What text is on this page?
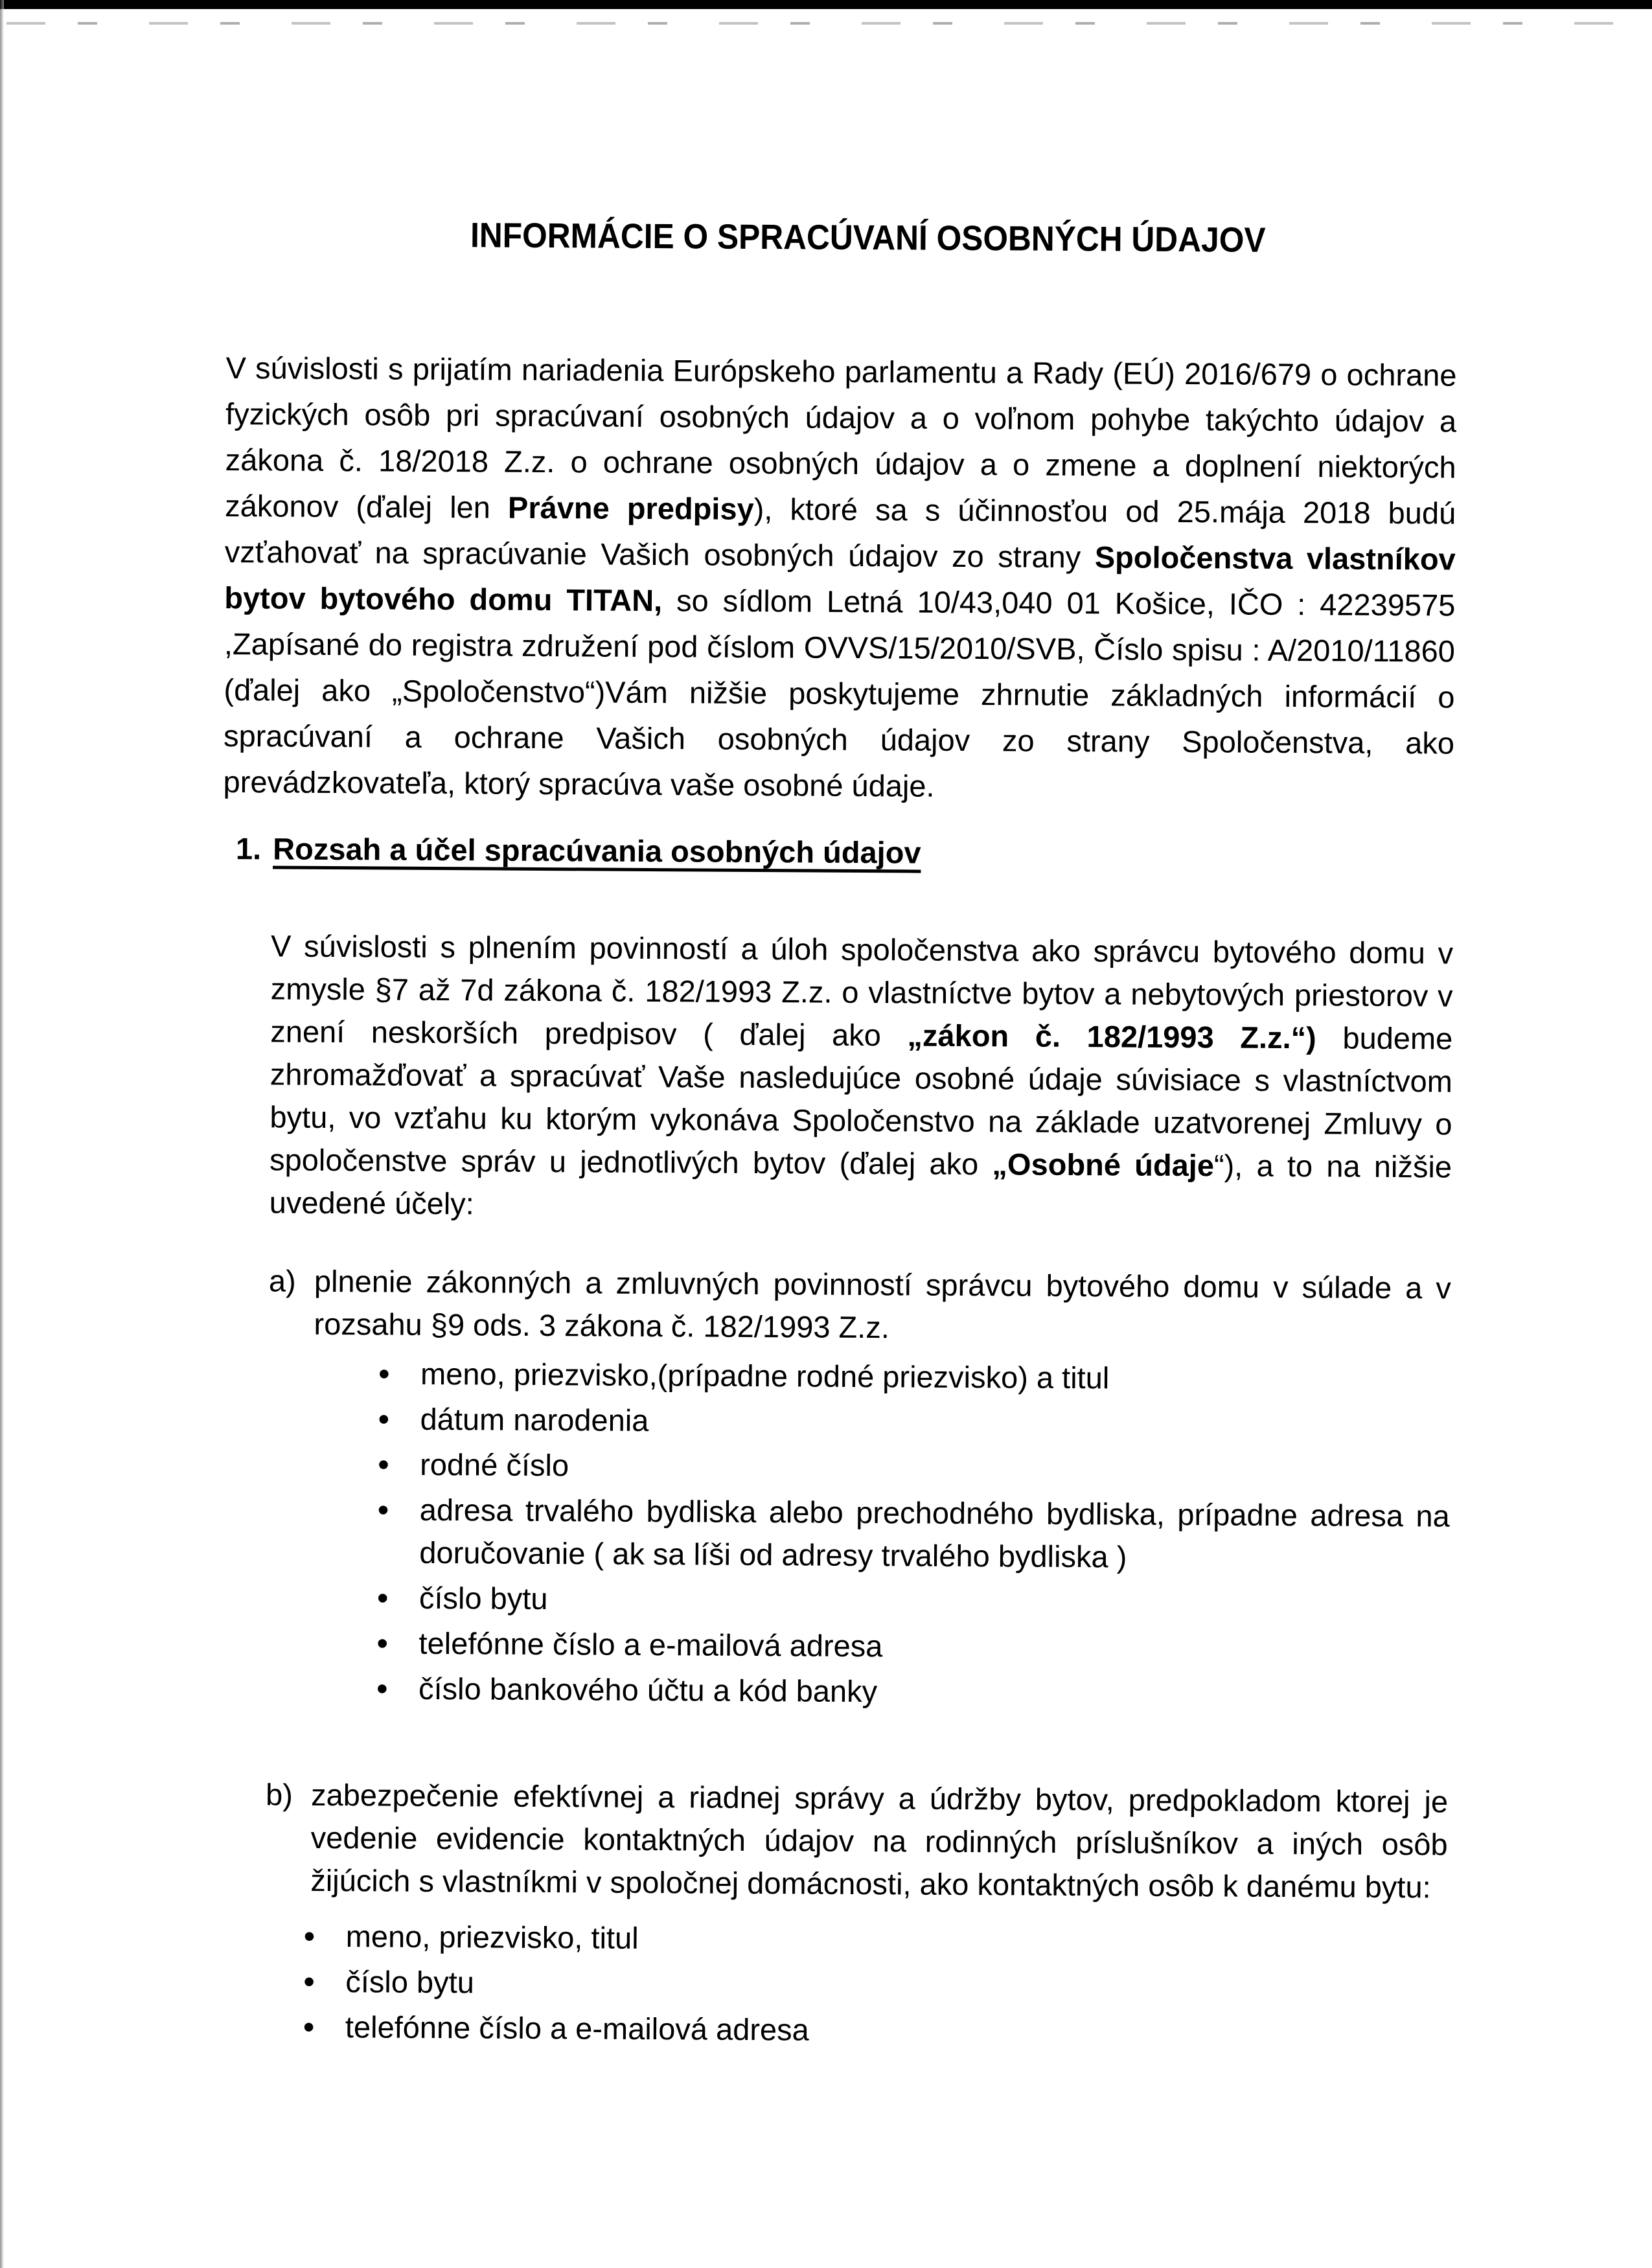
INFORMÁCIE O SPRACÚVANÍ OSOBNÝCH ÚDAJOV

V súvislosti s prijatím nariadenia Európskeho parlamentu a Rady (EÚ) 2016/679 o ochrane fyzických osôb pri spracúvaní osobných údajov a o voľnom pohybe takýchto údajov a zákona č. 18/2018 Z.z. o ochrane osobných údajov a o zmene a doplnení niektorých zákonov (ďalej len Právne predpisy), ktoré sa s účinnosťou od 25.mája 2018 budú vzťahovať na spracúvanie Vašich osobných údajov zo strany Spoločenstva vlastníkov bytov bytového domu TITAN, so sídlom Letná 10/43,040 01 Košice, IČO : 42239575 ,Zapísané do registra združení pod číslom OVVS/15/2010/SVB, Číslo spisu : A/2010/11860 (ďalej ako „Spoločenstvo“)Vám nižšie poskytujeme zhrnutie základných informácií o spracúvaní a ochrane Vašich osobných údajov zo strany Spoločenstva, ako prevádzkovateľa, ktorý spracúva vaše osobné údaje.

1. Rozsah a účel spracúvania osobných údajov

V súvislosti s plnením povinností a úloh spoločenstva ako správcu bytového domu v zmysle §7 až 7d zákona č. 182/1993 Z.z. o vlastníctve bytov a nebytových priestorov v znení neskorších predpisov ( ďalej ako „zákon č. 182/1993 Z.z.“) budeme zhromažďovať a spracúvať Vaše nasledujúce osobné údaje súvisiace s vlastníctvom bytu, vo vzťahu ku ktorým vykonáva Spoločenstvo na základe uzatvorenej Zmluvy o spoločenstve správ u jednotlivých bytov (ďalej ako „Osobné údaje“), a to na nižšie uvedené účely:

a) plnenie zákonných a zmluvných povinností správcu bytového domu v súlade a v rozsahu §9 ods. 3 zákona č. 182/1993 Z.z.
• meno, priezvisko,(prípadne rodné priezvisko) a titul
• dátum narodenia
• rodné číslo
• adresa trvalého bydliska alebo prechodného bydliska, prípadne adresa na doručovanie ( ak sa líši od adresy trvalého bydliska )
• číslo bytu
• telefónne číslo a e-mailová adresa
• číslo bankového účtu a kód banky
b) zabezpečenie efektívnej a riadnej správy a údržby bytov, predpokladom ktorej je vedenie evidencie kontaktných údajov na rodinných príslušníkov a iných osôb žijúcich s vlastníkmi v spoločnej domácnosti, ako kontaktných osôb k danému bytu:
• meno, priezvisko, titul
• číslo bytu
• telefónne číslo a e-mailová adresa
